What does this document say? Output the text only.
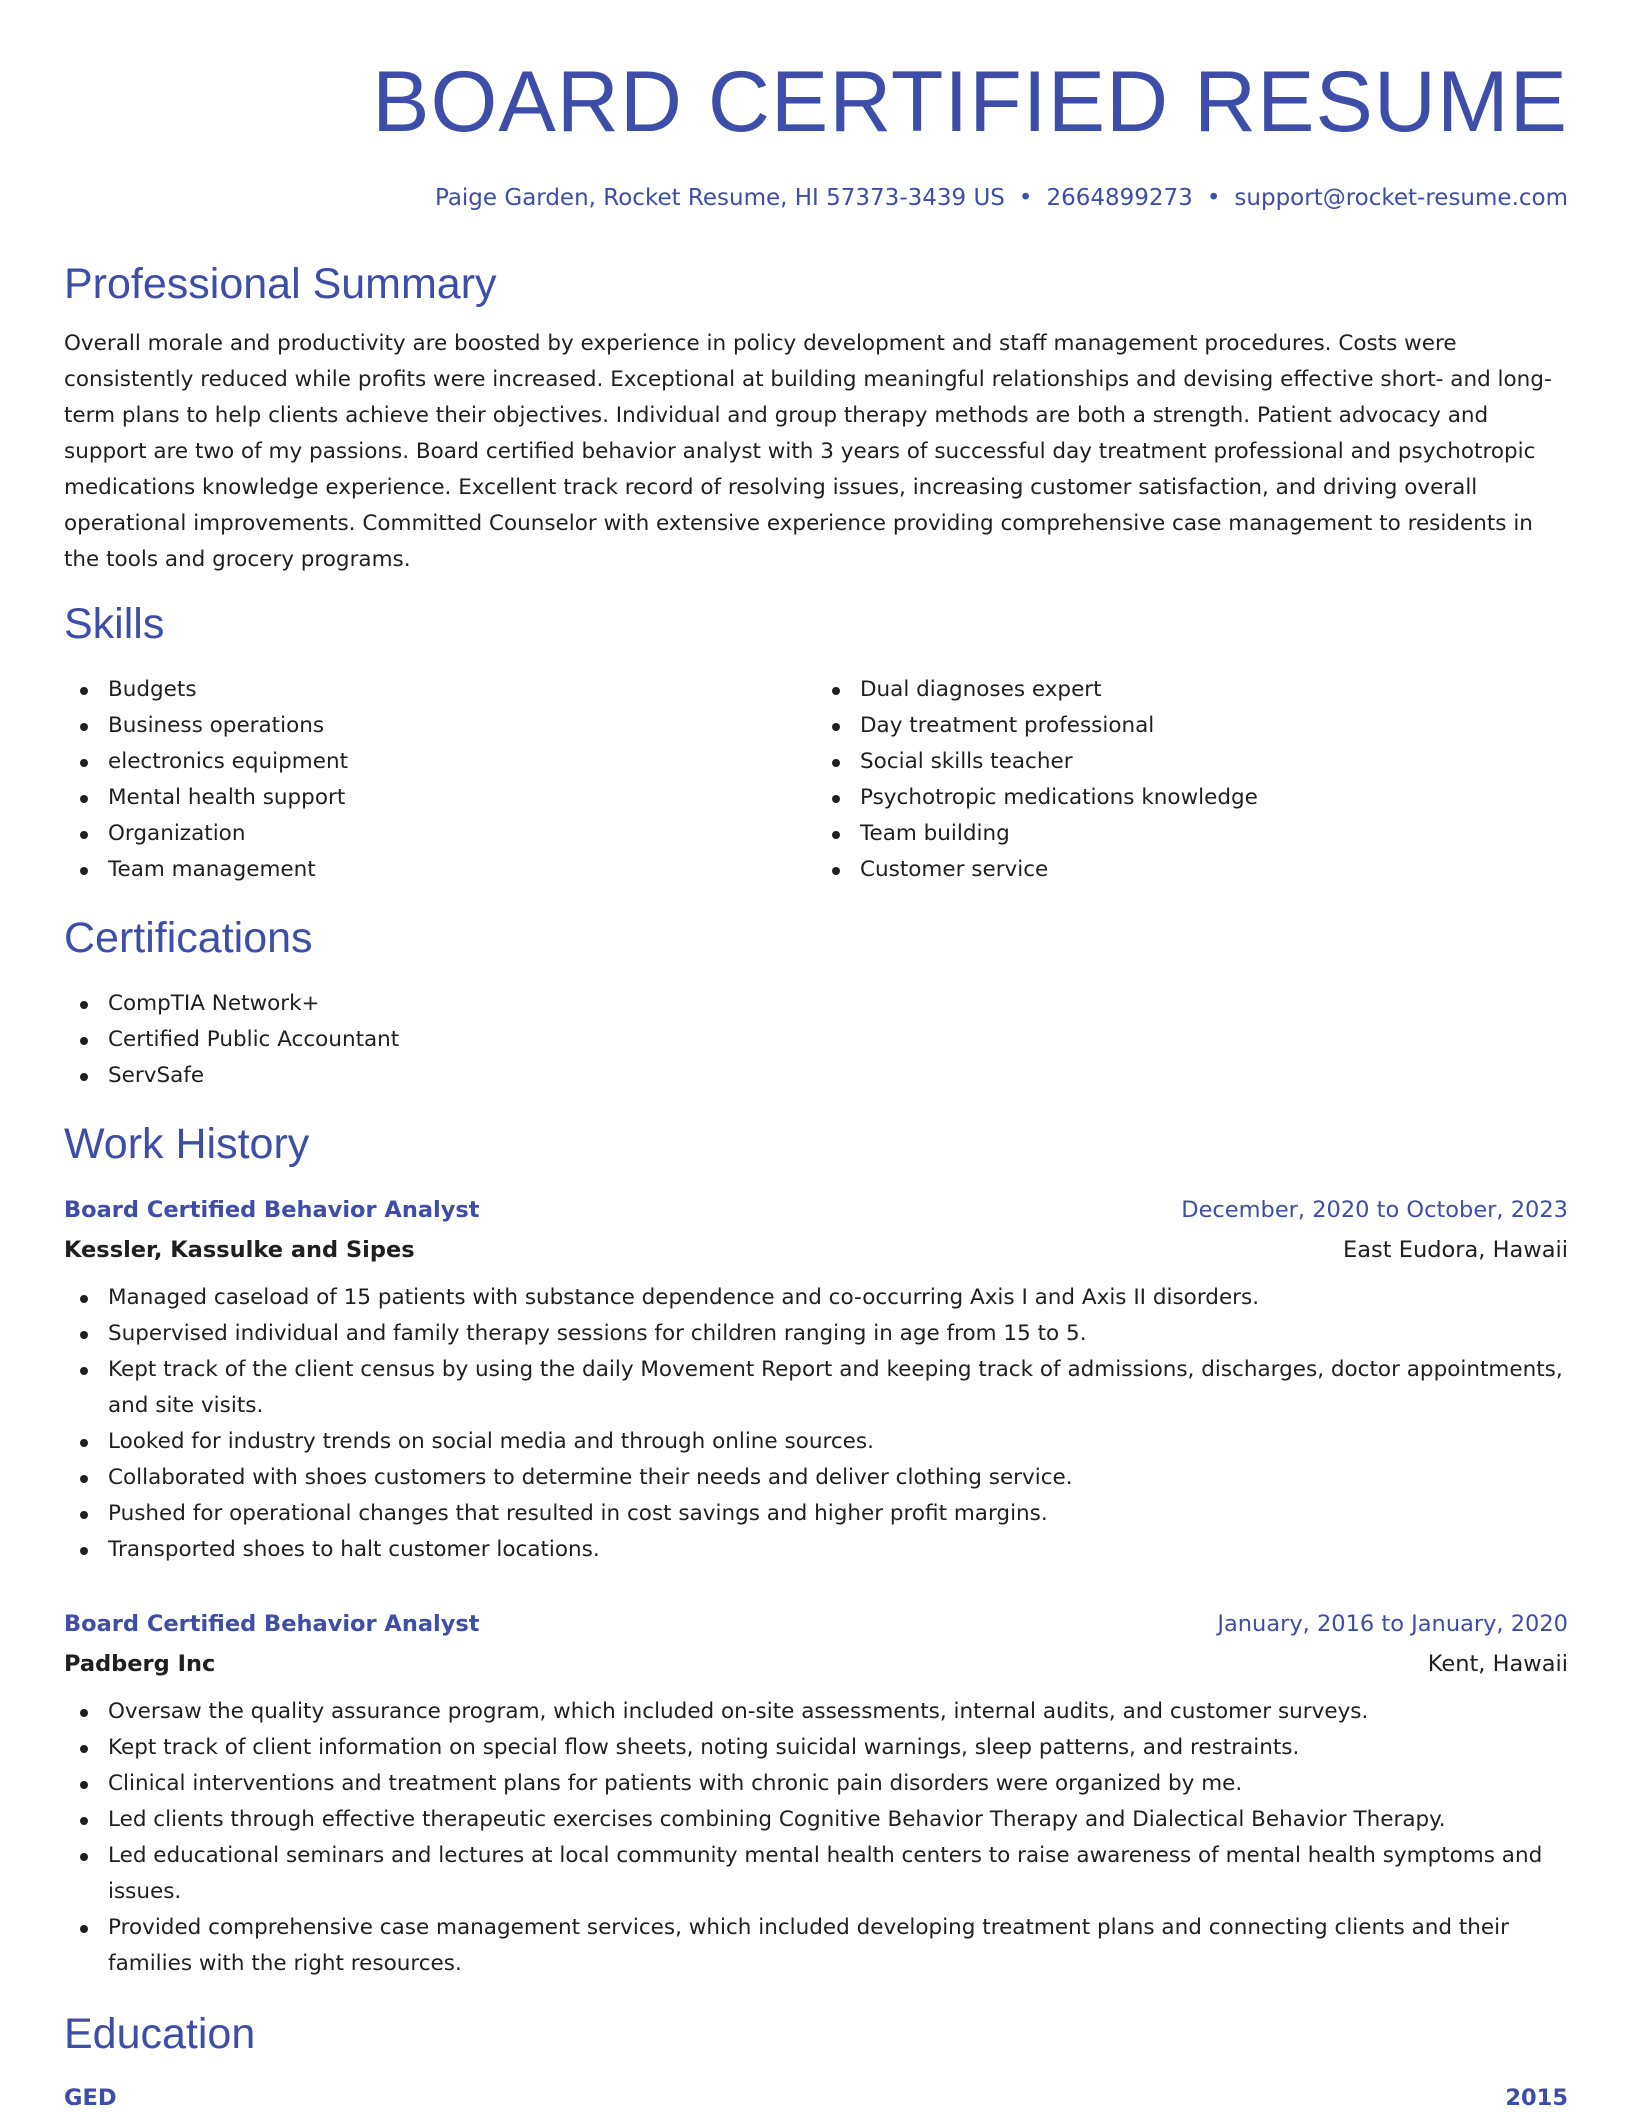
BOARD CERTIFIED RESUME
Paige Garden, Rocket Resume, HI 57373-3439 US • 2664899273 • support@rocket-resume.com
Professional Summary

Overall morale and productivity are boosted by experience in policy development and staff management procedures. Costs were consistently reduced while profits were increased. Exceptional at building meaningful relationships and devising effective short- and long-term plans to help clients achieve their objectives. Individual and group therapy methods are both a strength. Patient advocacy and support are two of my passions. Board certified behavior analyst with 3 years of successful day treatment professional and psychotropic medications knowledge experience. Excellent track record of resolving issues, increasing customer satisfaction, and driving overall operational improvements. Committed Counselor with extensive experience providing comprehensive case management to residents in the tools and grocery programs.

Skills
Budgets
Business operations
electronics equipment
Mental health support
Organization
Team management
Dual diagnoses expert
Day treatment professional
Social skills teacher
Psychotropic medications knowledge
Team building
Customer service
Certifications
CompTIA Network+
Certified Public Accountant
ServSafe
Work History
Board Certified Behavior Analyst	December, 2020 to October, 2023
Kessler, Kassulke and Sipes	East Eudora, Hawaii
Managed caseload of 15 patients with substance dependence and co-occurring Axis I and Axis II disorders.
Supervised individual and family therapy sessions for children ranging in age from 15 to 5.
Kept track of the client census by using the daily Movement Report and keeping track of admissions, discharges, doctor appointments, and site visits.
Looked for industry trends on social media and through online sources.
Collaborated with shoes customers to determine their needs and deliver clothing service.
Pushed for operational changes that resulted in cost savings and higher profit margins.
Transported shoes to halt customer locations.
Board Certified Behavior Analyst	January, 2016 to January, 2020
Padberg Inc	Kent, Hawaii
Oversaw the quality assurance program, which included on-site assessments, internal audits, and customer surveys.
Kept track of client information on special flow sheets, noting suicidal warnings, sleep patterns, and restraints.
Clinical interventions and treatment plans for patients with chronic pain disorders were organized by me.
Led clients through effective therapeutic exercises combining Cognitive Behavior Therapy and Dialectical Behavior Therapy.
Led educational seminars and lectures at local community mental health centers to raise awareness of mental health symptoms and issues.
Provided comprehensive case management services, which included developing treatment plans and connecting clients and their families with the right resources.
Education
GED	2015
